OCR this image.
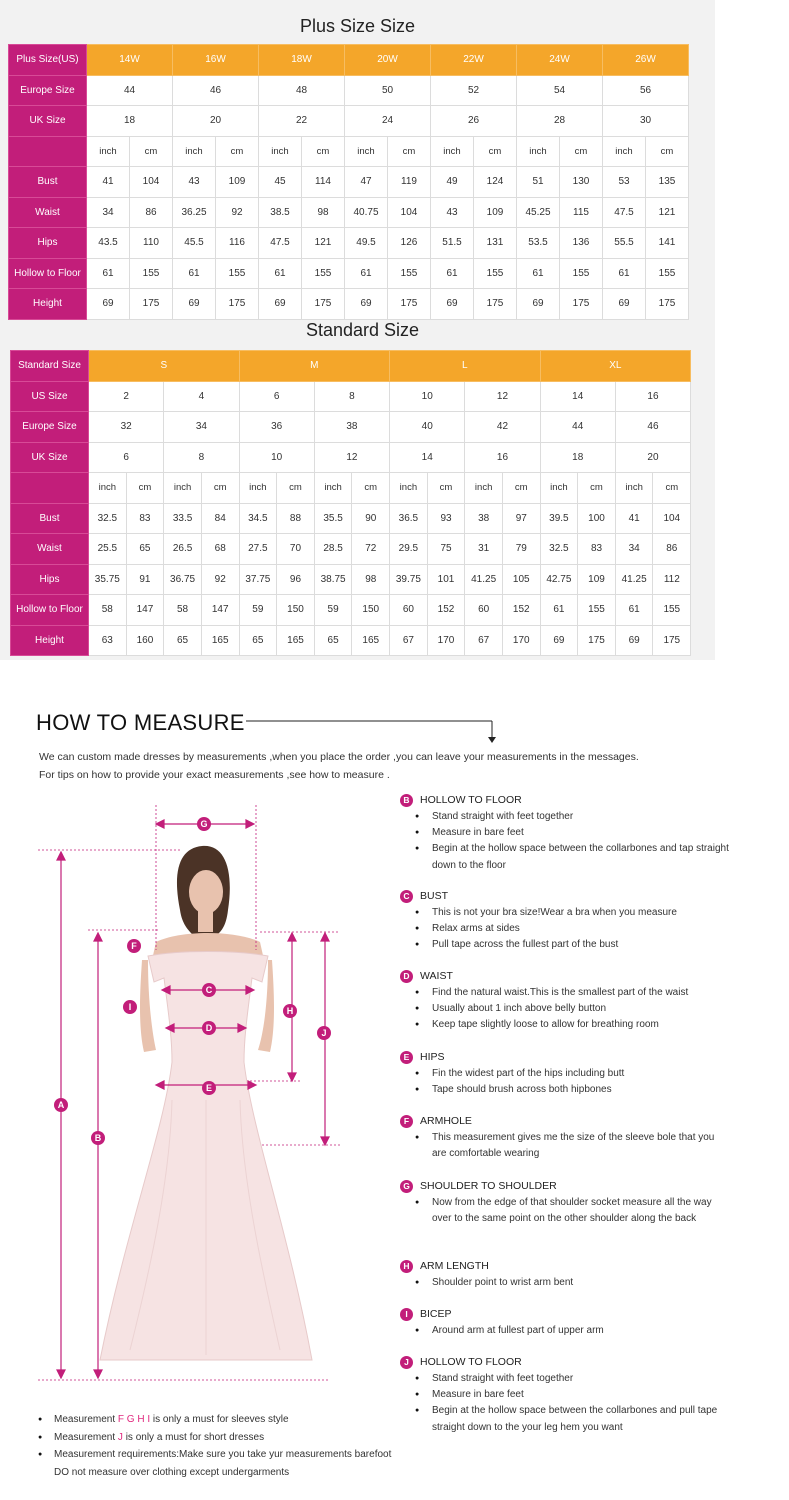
Plus Size Size
Plus Size(US)	14W		16W		18W		20W		22W		24W		26W	
Europe Size	44		46		48		50		52		54		56	
UK Size	18		20		22		24		26		28		30	
	inch	cm	inch	cm	inch	cm	inch	cm	inch	cm	inch	cm	inch	cm
Bust	41	104	43	109	45	114	47	119	49	124	51	130	53	135
Waist	34	86	36.25	92	38.5	98	40.75	104	43	109	45.25	115	47.5	121
Hips	43.5	110	45.5	116	47.5	121	49.5	126	51.5	131	53.5	136	55.5	141
Hollow to Floor	61	155	61	155	61	155	61	155	61	155	61	155	61	155
Height	69	175	69	175	69	175	69	175	69	175	69	175	69	175
Standard Size
Standard Size	S				M				L				XL			
US Size	2		4		6		8		10		12		14		16	
Europe Size	32		34		36		38		40		42		44		46	
UK Size	6		8		10		12		14		16		18		20	
	inch	cm	inch	cm	inch	cm	inch	cm	inch	cm	inch	cm	inch	cm	inch	cm
Bust	32.5	83	33.5	84	34.5	88	35.5	90	36.5	93	38	97	39.5	100	41	104
Waist	25.5	65	26.5	68	27.5	70	28.5	72	29.5	75	31	79	32.5	83	34	86
Hips	35.75	91	36.75	92	37.75	96	38.75	98	39.75	101	41.25	105	42.75	109	41.25	112
Hollow to Floor	58	147	58	147	59	150	59	150	60	152	60	152	61	155	61	155
Height	63	160	65	165	65	165	65	165	67	170	67	170	69	175	69	175
HOW TO MEASURE
We can custom made dresses by measurements ,when you place the order ,you can leave your measurements in the messages.
For tips on how to provide your exact measurements ,see how to measure .
A
B
C
D
E
F
G
H
I
J
B HOLLOW TO FLOOR
● Stand straight with feet together
● Measure in bare feet
● Begin at the hollow space between the collarbones and tap straight down to the floor
C BUST
● This is not your bra size!Wear a bra when you measure
● Relax arms at sides
● Pull tape across the fullest part of the bust
D WAIST
● Find the natural waist.This is the smallest part of the waist
● Usually about 1 inch above belly button
● Keep tape slightly loose to allow for breathing room
E	HIPS
● Fin the widest part of the hips including butt
● Tape should brush across both hipbones
F	ARMHOLE
● This measurement gives me the size of the sleeve bole that you are comfortable wearing
G SHOULDER TO SHOULDER
● Now from the edge of that shoulder socket measure all the way over to the same point on the other shoulder along the back
H ARM LENGTH
● Shoulder point to wrist arm bent
I	BICEP
● Around arm at fullest part of upper arm
J	HOLLOW TO FLOOR
● Stand straight with feet together
● Measure in bare feet
● Begin at the hollow space between the collarbones and pull tape straight down to the your leg hem you want
● Measurement F G H I is only a must for sleeves style
● Measurement J is only a must for short dresses
● Measurement requirements:Make sure you take yur measurements barefoot DO not measure over clothing except undergarments
